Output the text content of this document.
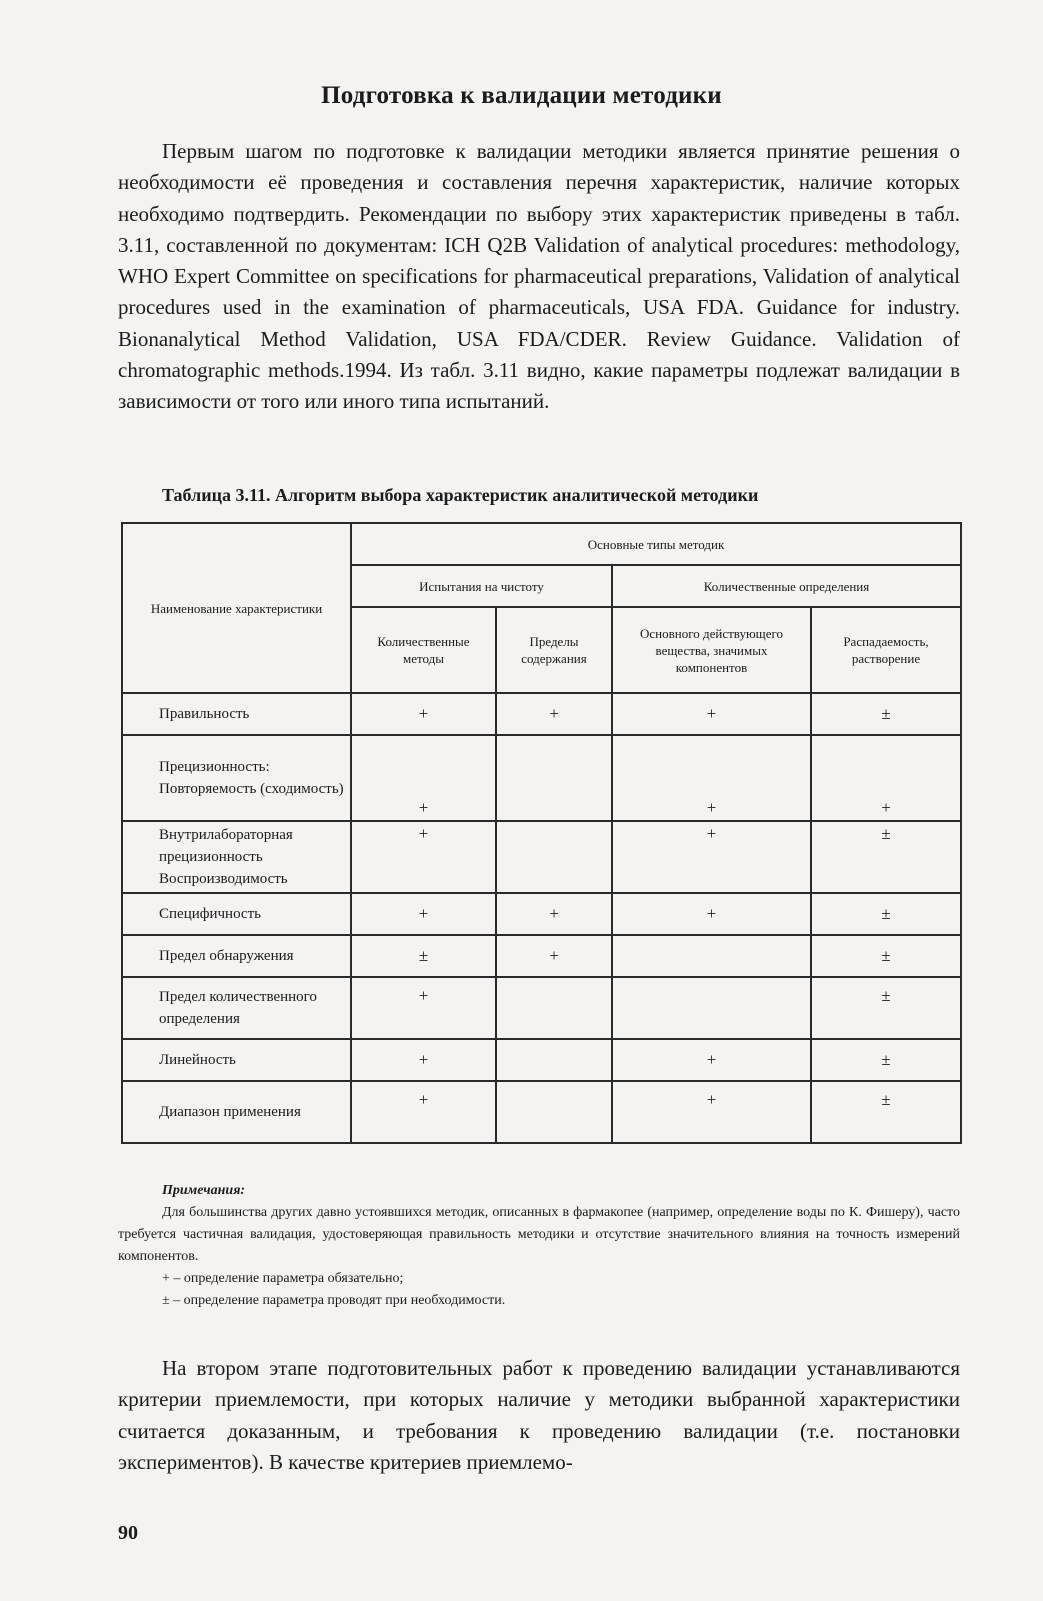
Подготовка к валидации методики

Первым шагом по подготовке к валидации методики является принятие решения о необходимости её проведения и составления перечня характеристик, наличие которых необходимо подтвердить. Рекомендации по выбору этих характеристик приведены в табл. 3.11, составленной по документам: ICH Q2B Validation of analytical procedures: methodology, WHO Expert Committee on specifications for pharmaceutical preparations, Validation of analytical procedures used in the examination of pharmaceuticals, USA FDA. Guidance for industry. Bionanalytical Method Validation, USA FDA/CDER. Review Guidance. Validation of chromatographic methods.1994. Из табл. 3.11 видно, какие параметры подлежат валидации в зависимости от того или иного типа испытаний.

Таблица 3.11. Алгоритм выбора характеристик аналитической методики

Наименование характеристики	Основные типы методик			
	Испытания на чистоту		Количественные определения	
	Количественные методы	Пределы содержания	Основного действующего вещества, значимых компонентов	Распадаемость, растворение
Правильность	+	+	+	±

Прецизионность:
Повторяемость (сходимость)	+		+	+

Внутрилабораторная прецизионность
Воспроизводимость	+		+	±
Специфичность	+	+	+	±
Предел обнаружения	±	+		±

Предел количественного определения	+			±
Линейность	+		+	±

Диапазон применения	+		+	±

Примечания:

Для большинства других давно устоявшихся методик, описанных в фармакопее (например, определение воды по К. Фишеру), часто требуется частичная валидация, удостоверяющая правильность методики и отсутствие значительного влияния на точность измерений компонентов.

+ – определение параметра обязательно;

± – определение параметра проводят при необходимости.

На втором этапе подготовительных работ к проведению валидации устанавливаются критерии приемлемости, при которых наличие у методики выбранной характеристики считается доказанным, и требования к проведению валидации (т.е. постановки экспериментов). В качестве критериев приемлемо-

90
